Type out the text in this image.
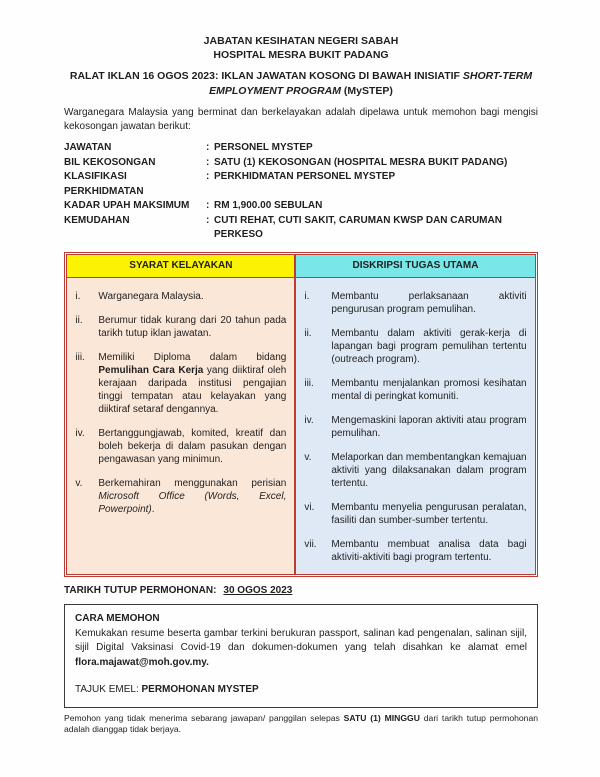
JABATAN KESIHATAN NEGERI SABAH
HOSPITAL MESRA BUKIT PADANG
RALAT IKLAN 16 OGOS 2023: IKLAN JAWATAN KOSONG DI BAWAH INISIATIF SHORT-TERM EMPLOYMENT PROGRAM (MySTEP)

Warganegara Malaysia yang berminat dan berkelayakan adalah dipelawa untuk memohon bagi mengisi kekosongan jawatan berikut:

JAWATAN	: PERSONEL MYSTEP
BIL KEKOSONGAN	: SATU (1) KEKOSONGAN (HOSPITAL MESRA BUKIT PADANG)
KLASIFIKASI PERKHIDMATAN
: PERKHIDMATAN PERSONEL MYSTEP
KADAR UPAH MAKSIMUM	: RM 1,900.00 SEBULAN
KEMUDAHAN	: CUTI REHAT, CUTI SAKIT, CARUMAN KWSP DAN CARUMAN PERKESO
SYARAT KELAYAKAN	DISKRIPSI TUGAS UTAMA
i. Warganegara Malaysia.
ii. Berumur tidak kurang dari 20 tahun pada tarikh tutup iklan jawatan.
iii. Memiliki Diploma dalam bidang Pemulihan Cara Kerja yang diiktiraf oleh kerajaan daripada institusi pengajian tinggi tempatan atau kelayakan yang diiktiraf setaraf dengannya.
iv. Bertanggungjawab, komited, kreatif dan boleh bekerja di dalam pasukan dengan pengawasan yang minimun.
v. Berkemahiran menggunakan perisian Microsoft Office (Words, Excel, Powerpoint).
i. Membantu perlaksanaan aktiviti pengurusan program pemulihan.
ii. Membantu dalam aktiviti gerak-kerja di lapangan bagi program pemulihan tertentu (outreach program).
iii. Membantu menjalankan promosi kesihatan mental di peringkat komuniti.
iv. Mengemaskini laporan aktiviti atau program pemulihan.
v. Melaporkan dan membentangkan kemajuan aktiviti yang dilaksanakan dalam program tertentu.
vi. Membantu menyelia pengurusan peralatan, fasiliti dan sumber-sumber tertentu.
vii. Membantu membuat analisa data bagi aktiviti-aktiviti bagi program tertentu.
TARIKH TUTUP PERMOHONAN: 30 OGOS 2023
CARA MEMOHON
Kemukakan resume beserta gambar terkini berukuran passport, salinan kad pengenalan, salinan sijil, sijil Digital Vaksinasi Covid-19 dan dokumen-dokumen yang telah disahkan ke alamat emel flora.majawat@moh.gov.my.
TAJUK EMEL: PERMOHONAN MYSTEP

Pemohon yang tidak menerima sebarang jawapan/ panggilan selepas SATU (1) MINGGU dari tarikh tutup permohonan adalah dianggap tidak berjaya.
